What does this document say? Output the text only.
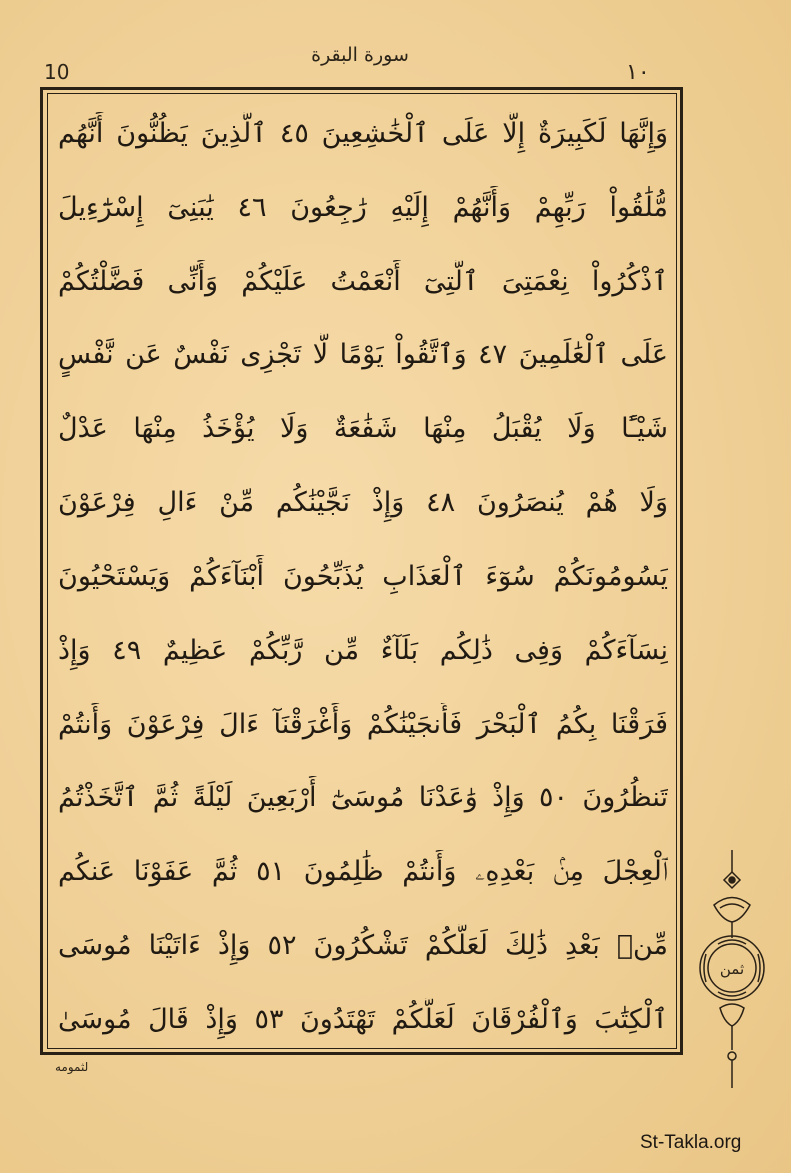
10
سورة البقرة
١٠
وَإِنَّهَا لَكَبِيرَةٌ إِلَّا عَلَى ٱلْخَٰشِعِينَ ٤٥ ٱلَّذِينَ يَظُنُّونَ أَنَّهُم
مُّلَٰقُواْ رَبِّهِمْ وَأَنَّهُمْ إِلَيْهِ رَٰجِعُونَ ٤٦ يَٰبَنِىٓ إِسْرَٰٓءِيلَ
ٱذْكُرُواْ نِعْمَتِىَ ٱلَّتِىٓ أَنْعَمْتُ عَلَيْكُمْ وَأَنِّى فَضَّلْتُكُمْ
عَلَى ٱلْعَٰلَمِينَ ٤٧ وَٱتَّقُواْ يَوْمًا لَّا تَجْزِى نَفْسٌ عَن نَّفْسٍ
شَيْـًٔا وَلَا يُقْبَلُ مِنْهَا شَفَٰعَةٌ وَلَا يُؤْخَذُ مِنْهَا عَدْلٌ
وَلَا هُمْ يُنصَرُونَ ٤٨ وَإِذْ نَجَّيْنَٰكُم مِّنْ ءَالِ فِرْعَوْنَ
يَسُومُونَكُمْ سُوٓءَ ٱلْعَذَابِ يُذَبِّحُونَ أَبْنَآءَكُمْ وَيَسْتَحْيُونَ
نِسَآءَكُمْ وَفِى ذَٰلِكُم بَلَآءٌ مِّن رَّبِّكُمْ عَظِيمٌ ٤٩ وَإِذْ
فَرَقْنَا بِكُمُ ٱلْبَحْرَ فَأَنجَيْنَٰكُمْ وَأَغْرَقْنَآ ءَالَ فِرْعَوْنَ وَأَنتُمْ
تَنظُرُونَ ٥٠ وَإِذْ وَٰعَدْنَا مُوسَىٰٓ أَرْبَعِينَ لَيْلَةً ثُمَّ ٱتَّخَذْتُمُ
ٱلْعِجْلَ مِنۢ بَعْدِهِۦ وَأَنتُمْ ظَٰلِمُونَ ٥١ ثُمَّ عَفَوْنَا عَنكُم
مِّنۢ بَعْدِ ذَٰلِكَ لَعَلَّكُمْ تَشْكُرُونَ ٥٢ وَإِذْ ءَاتَيْنَا مُوسَى
ٱلْكِتَٰبَ وَٱلْفُرْقَانَ لَعَلَّكُمْ تَهْتَدُونَ ٥٣ وَإِذْ قَالَ مُوسَىٰ
ثمن
لثمومه
St-Takla.org
